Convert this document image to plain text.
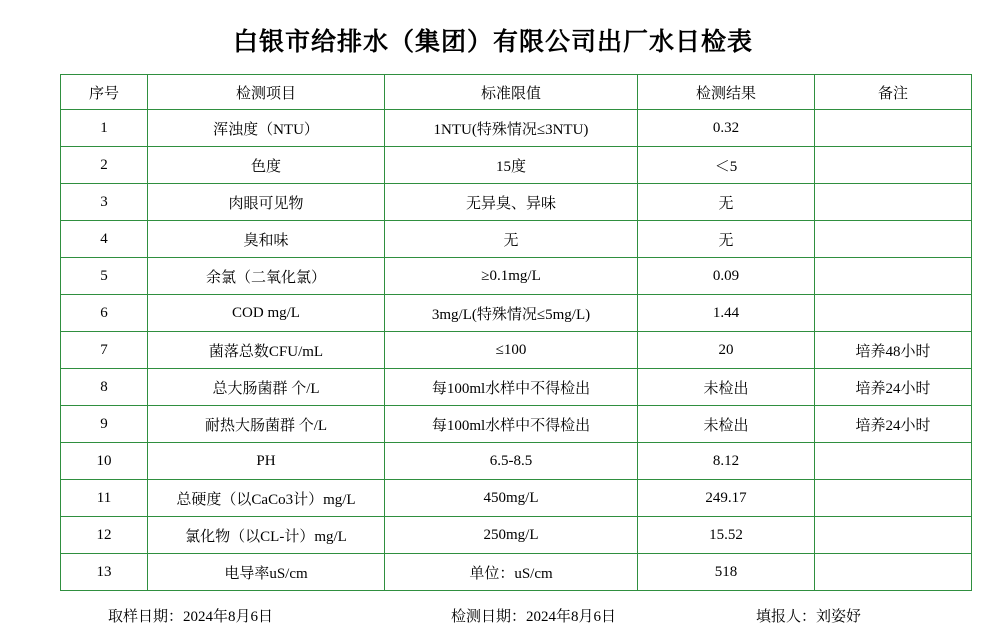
白银市给排水（集团）有限公司出厂水日检表
序号	检测项目	标准限值	检测结果	备注
1	浑浊度（NTU）	1NTU(特殊情况≤3NTU)	0.32	
2	色度	15度	＜5	
3	肉眼可见物	无异臭、异味	无	
4	臭和味	无	无	
5	余氯（二氧化氯）	≥0.1mg/L	0.09	
6	COD mg/L	3mg/L(特殊情况≤5mg/L)	1.44	
7	菌落总数CFU/mL	≤100	20	培养48小时
8	总大肠菌群 个/L	每100ml水样中不得检出	未检出	培养24小时
9	耐热大肠菌群 个/L	每100ml水样中不得检出	未检出	培养24小时
10	PH	6.5-8.5	8.12	
11	总硬度（以CaCo3计）mg/L	450mg/L	249.17	
12	氯化物（以CL-计）mg/L	250mg/L	15.52	
13	电导率uS/cm	单位：uS/cm	518	
取样日期：2024年8月6日	检测日期：2024年8月6日	填报人：刘姿妤
